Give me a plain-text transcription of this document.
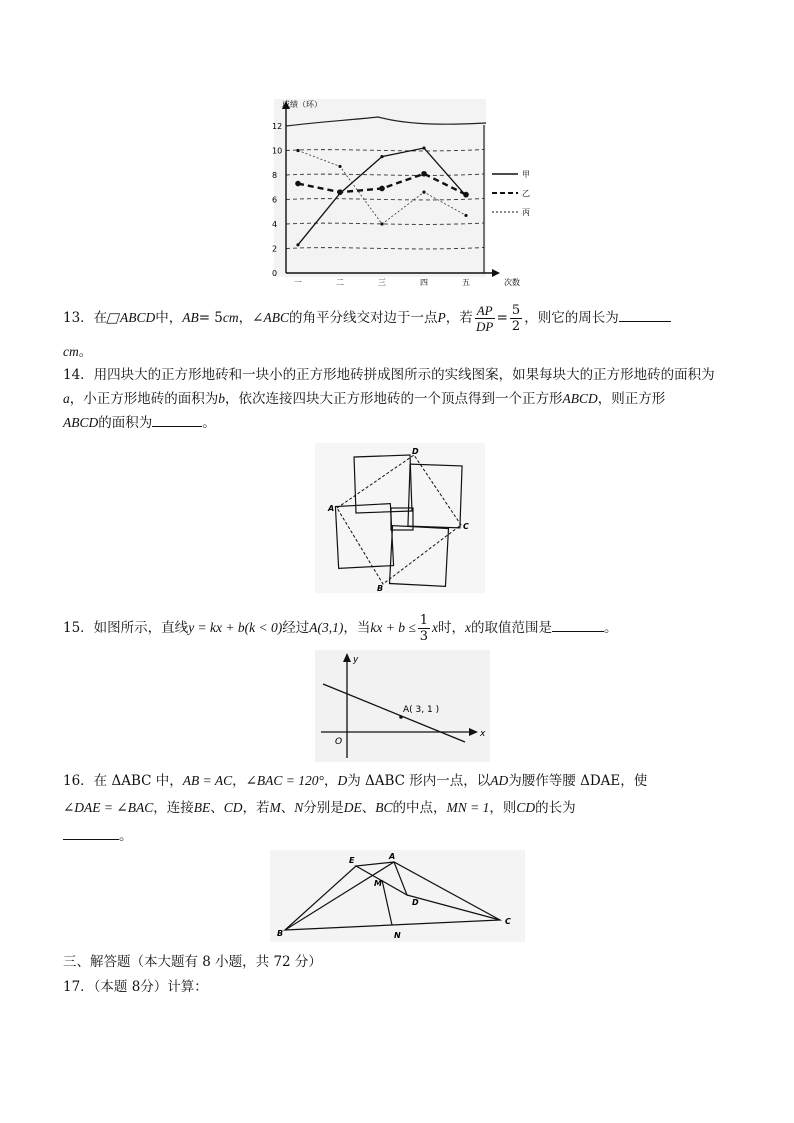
成绩（环）
次数
0
2
4
6
8
10
12
一	二	三	四	五
甲
乙
丙
13．在□ABCD中，AB= 5cm，∠ABC的角平分线交对边于一点P，若 $\frac{AP}{DP} = \frac{5}{2}$ ，则它的周长为
cm。
14．用四块大的正方形地砖和一块小的正方形地砖拼成图所示的实线图案，如果每块大的正方形地砖的面积为
a，小正方形地砖的面积为b，依次连接四块大正方形地砖的一个顶点得到一个正方形ABCD，则正方形
ABCD的面积为	。
A
B
C
D
15．如图所示，直线y = kx + b(k < 0)经过A(3,1)，当kx + $b \le \frac{1}{3}$ x时，x的取值范围是	。
y
x
O
A( 3, 1 )
16．在 ΔABC 中，AB = AC，∠BAC = 120°，D为 ΔABC 形内一点，以AD为腰作等腰 ΔDAE，使
∠DAE = ∠BAC，连接BE、CD，若M、N分别是DE、BC的中点，MN = 1，则CD的长为
。
E	A
M
D
B	N
C
三、解答题（本大题有 8 小题，共 72 分）
17．（本题 8分）计算：
